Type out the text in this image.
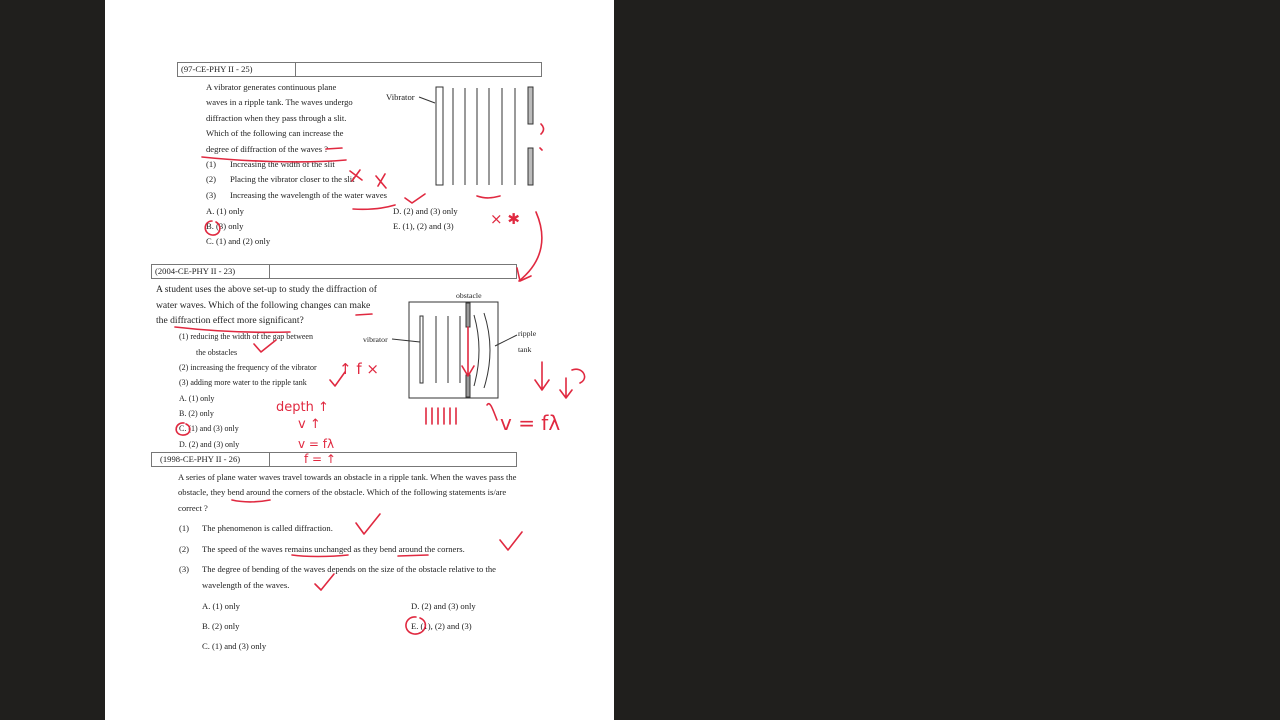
(97-CE-PHY II - 25)
A vibrator generates continuous plane
waves in a ripple tank. The waves undergo
diffraction when they pass through a slit.
Which of the following can increase the
degree of diffraction of the waves ?
(1) Increasing the width of the slit
(2) Placing the vibrator closer to the slit
(3) Increasing the wavelength of the water waves
A. (1) only
B. (3) only
C. (1) and (2) only
D. (2) and (3) only
E. (1), (2) and (3)
Vibrator
(2004-CE-PHY II - 23)
A student uses the above set-up to study the diffraction of
water waves. Which of the following changes can make
the diffraction effect more significant?
(1) reducing the width of the gap between
the obstacles
(2) increasing the frequency of the vibrator
(3) adding more water to the ripple tank
A. (1) only
B. (2) only
C. (1) and (3) only
D. (2) and (3) only
obstacle
vibrator
ripple
tank
(1998-CE-PHY II - 26)
A series of plane water waves travel towards an obstacle in a ripple tank. When the waves pass the
obstacle, they bend around the corners of the obstacle. Which of the following statements is/are
correct ?
(1) The phenomenon is called diffraction.
(2) The speed of the waves remains unchanged as they bend around the corners.
(3) The degree of bending of the waves depends on the size of the obstacle relative to the
wavelength of the waves.
A. (1) only
B. (2) only
C. (1) and (3) only
D. (2) and (3) only
E. (1), (2) and (3)
× ✱
↑ f ×
depth ↑
v ↑
v = fλ
f = ↑
v = fλ
